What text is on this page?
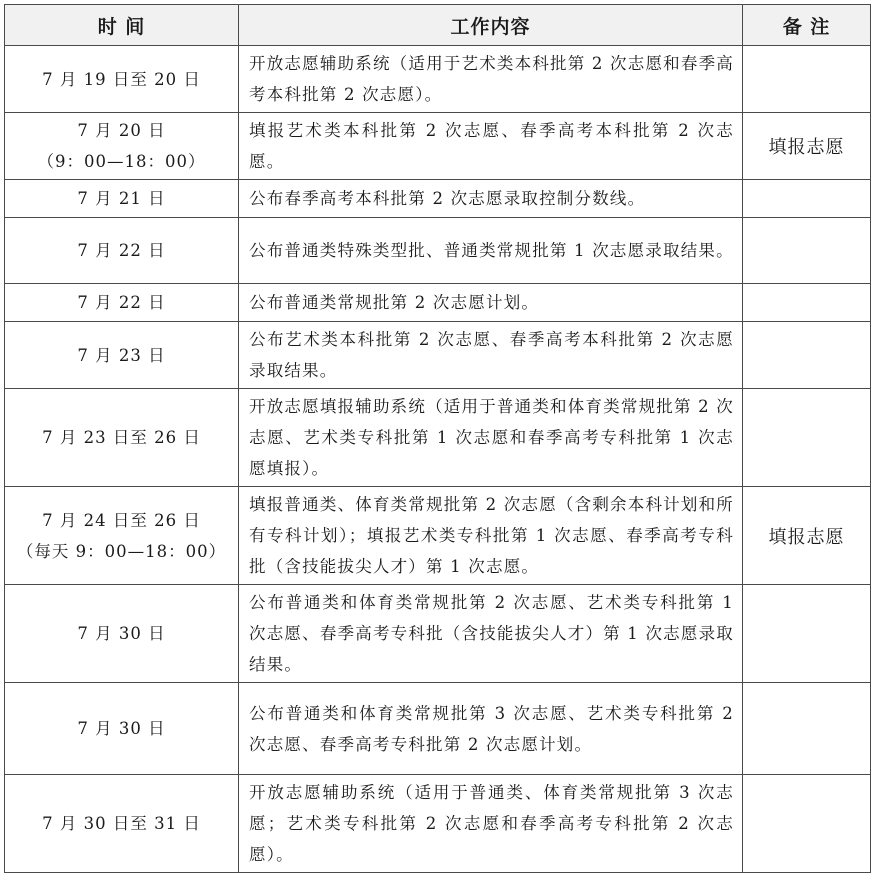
时 间	工作内容	备 注

7 月 19 日至 20 日	开放志愿辅助系统（适用于艺术类本科批第 2 次志愿和春季高考本科批第 2 次志愿）。	

7 月 20 日
（9：00—18：00）	填报艺术类本科批第 2 次志愿、春季高考本科批第 2 次志愿。	填报志愿

7 月 21 日	公布春季高考本科批第 2 次志愿录取控制分数线。	

7 月 22 日	公布普通类特殊类型批、普通类常规批第 1 次志愿录取结果。	

7 月 22 日	公布普通类常规批第 2 次志愿计划。	

7 月 23 日	公布艺术类本科批第 2 次志愿、春季高考本科批第 2 次志愿录取结果。	

7 月 23 日至 26 日	开放志愿填报辅助系统（适用于普通类和体育类常规批第 2 次志愿、艺术类专科批第 1 次志愿和春季高考专科批第 1 次志愿填报）。	

7 月 24 日至 26 日
（每天 9：00—18：00）	填报普通类、体育类常规批第 2 次志愿（含剩余本科计划和所有专科计划）；填报艺术类专科批第 1 次志愿、春季高考专科批（含技能拔尖人才）第 1 次志愿。	填报志愿

7 月 30 日	公布普通类和体育类常规批第 2 次志愿、艺术类专科批第 1 次志愿、春季高考专科批（含技能拔尖人才）第 1 次志愿录取结果。	

7 月 30 日	公布普通类和体育类常规批第 3 次志愿、艺术类专科批第 2 次志愿、春季高考专科批第 2 次志愿计划。	

7 月 30 日至 31 日	开放志愿辅助系统（适用于普通类、体育类常规批第 3 次志愿；艺术类专科批第 2 次志愿和春季高考专科批第 2 次志愿）。	
